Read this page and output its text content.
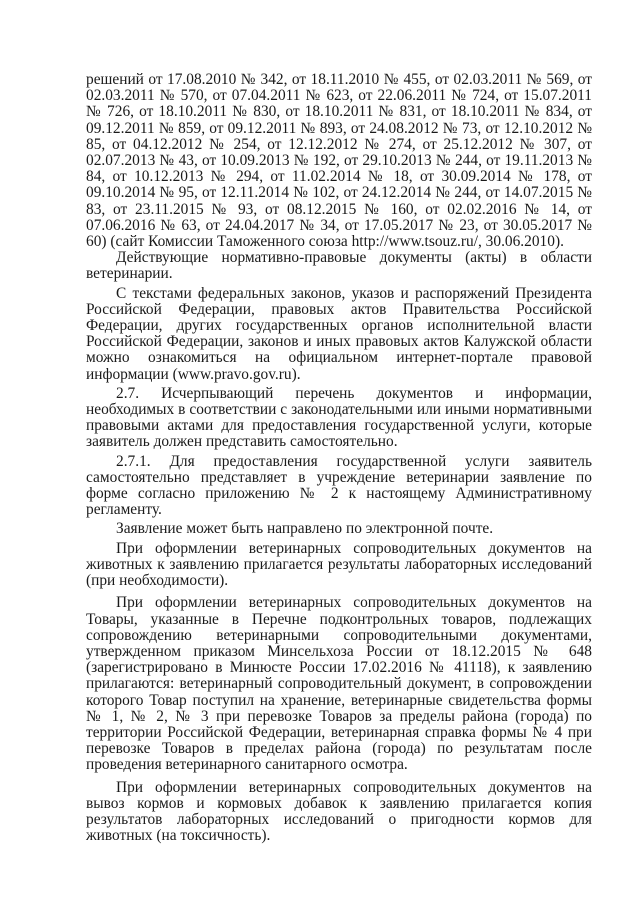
решений от 17.08.2010 № 342, от 18.11.2010 № 455, от 02.03.2011 № 569, от 02.03.2011 № 570, от 07.04.2011 № 623, от 22.06.2011 № 724, от 15.07.2011 № 726, от 18.10.2011 № 830, от 18.10.2011 № 831, от 18.10.2011 № 834, от 09.12.2011 № 859, от 09.12.2011 № 893, от 24.08.2012 № 73, от 12.10.2012 № 85, от 04.12.2012 № 254, от 12.12.2012 № 274, от 25.12.2012 № 307, от 02.07.2013 № 43, от 10.09.2013 № 192, от 29.10.2013 № 244, от 19.11.2013 № 84, от 10.12.2013 № 294, от 11.02.2014 № 18, от 30.09.2014 № 178, от 09.10.2014 № 95, от 12.11.2014 № 102, от 24.12.2014 № 244, от 14.07.2015 № 83, от 23.11.2015 № 93, от 08.12.2015 № 160, от 02.02.2016 № 14, от 07.06.2016 № 63, от 24.04.2017 № 34, от 17.05.2017 № 23, от 30.05.2017 № 60) (сайт Комиссии Таможенного союза http://www.tsouz.ru/, 30.06.2010).

Действующие нормативно-правовые документы (акты) в области ветеринарии.

С текстами федеральных законов, указов и распоряжений Президента Российской Федерации, правовых актов Правительства Российской Федерации, других государственных органов исполнительной власти Российской Федерации, законов и иных правовых актов Калужской области можно ознакомиться на официальном интернет-портале правовой информации (www.pravo.gov.ru).

2.7. Исчерпывающий перечень документов и информации, необходимых в соответствии с законодательными или иными нормативными правовыми актами для предоставления государственной услуги, которые заявитель должен представить самостоятельно.

2.7.1. Для предоставления государственной услуги заявитель самостоятельно представляет в учреждение ветеринарии заявление по форме согласно приложению № 2 к настоящему Административному регламенту.

Заявление может быть направлено по электронной почте.

При оформлении ветеринарных сопроводительных документов на животных к заявлению прилагается результаты лабораторных исследований (при необходимости).

При оформлении ветеринарных сопроводительных документов на Товары, указанные в Перечне подконтрольных товаров, подлежащих сопровождению ветеринарными сопроводительными документами, утвержденном приказом Минсельхоза России от 18.12.2015 № 648 (зарегистрировано в Минюсте России 17.02.2016 № 41118), к заявлению прилагаются: ветеринарный сопроводительный документ, в сопровождении которого Товар поступил на хранение, ветеринарные свидетельства формы № 1, № 2, № 3 при перевозке Товаров за пределы района (города) по территории Российской Федерации, ветеринарная справка формы № 4 при перевозке Товаров в пределах района (города) по результатам после проведения ветеринарного санитарного осмотра.

При оформлении ветеринарных сопроводительных документов на вывоз кормов и кормовых добавок к заявлению прилагается копия результатов лабораторных исследований о пригодности кормов для животных (на токсичность).
